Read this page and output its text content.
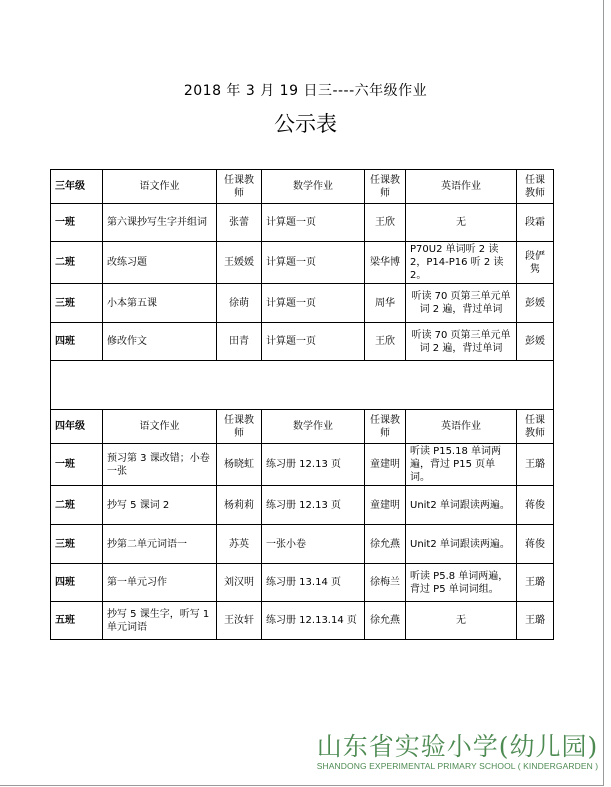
2018 年 3 月 19 日三----六年级作业
公示表
三年级	语文作业	任课教师	数学作业	任课教师	英语作业	任课教师
一班	第六课抄写生字并组词	张蕾	计算题一页	王欣	无	段霜
二班	改练习题	王媛媛	计算题一页	梁华博	P70U2 单词听 2 读 2，P14-P16 听 2 读 2。	段俨隽
三班	小本第五课	徐萌	计算题一页	周华	听读 70 页第三单元单词 2 遍，背过单词	彭媛
四班	修改作文	田青	计算题一页	王欣	听读 70 页第三单元单词 2 遍，背过单词	彭媛

四年级	语文作业	任课教师	数学作业	任课教师	英语作业	任课教师
一班	预习第 3 课改错；小卷一张	杨晓虹	练习册 12.13 页	童建明	听读 P15.18 单词两遍，背过 P15 页单词。	王璐
二班	抄写 5 课词 2	杨莉莉	练习册 12.13 页	童建明	Unit2 单词跟读两遍。	蒋俊
三班	抄第二单元词语一	苏英	一张小卷	徐允燕	Unit2 单词跟读两遍。	蒋俊
四班	第一单元习作	刘汉明	练习册 13.14 页	徐梅兰	听读 P5.8 单词两遍，背过 P5 单词词组。	王璐
五班	抄写 5 课生字，听写 1 单元词语	王汝轩	练习册 12.13.14 页	徐允燕	无	王璐
山东省实验小学(幼儿园)
SHANDONG EXPERIMENTAL PRIMARY SCHOOL ( KINDERGARDEN )
